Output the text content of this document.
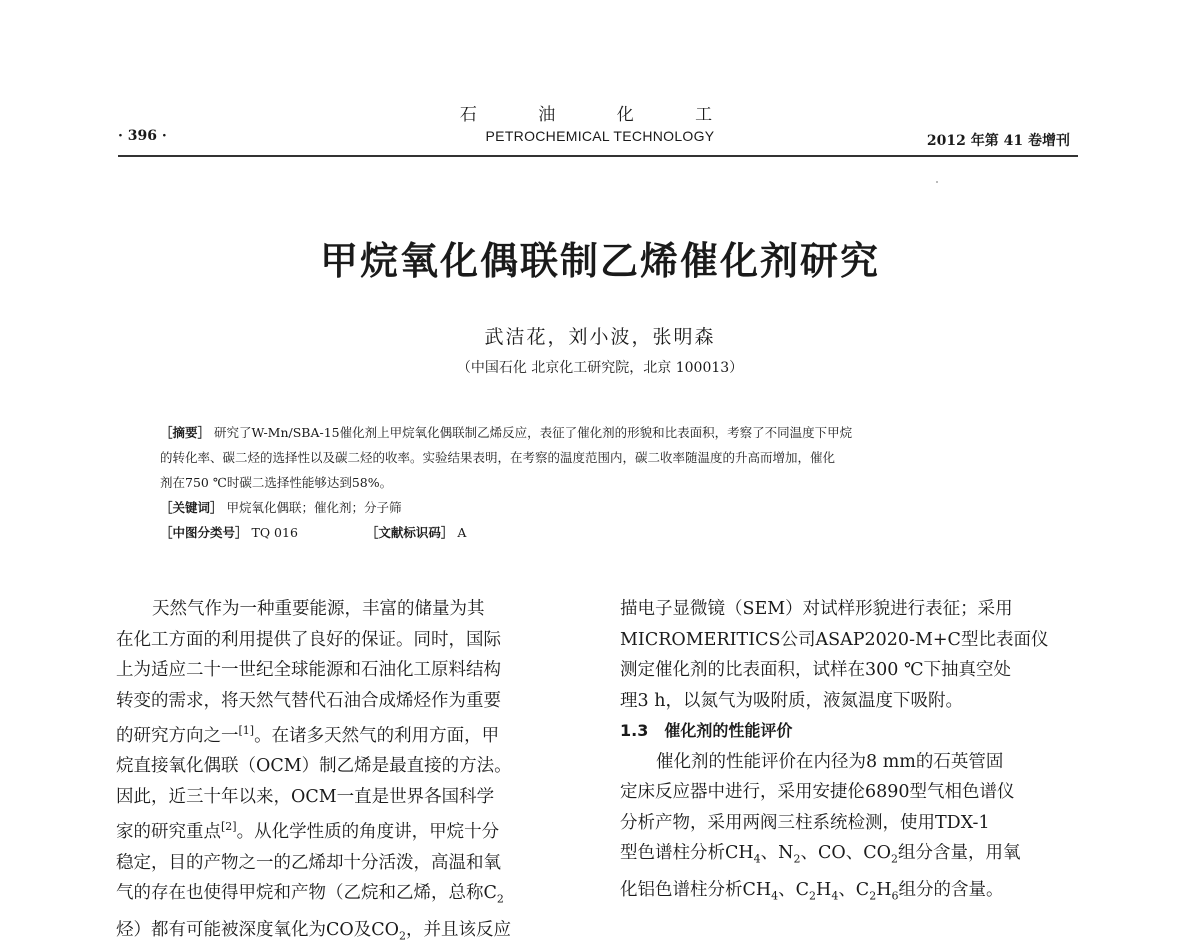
石 油 化 工
· 396 ·	PETROCHEMICAL TECHNOLOGY	2012 年第 41 卷增刊
甲烷氧化偶联制乙烯催化剂研究
武洁花，刘小波，张明森
（中国石化 北京化工研究院，北京 100013）
［摘要］ 研究了W-Mn/SBA-15催化剂上甲烷氧化偶联制乙烯反应，表征了催化剂的形貌和比表面积，考察了不同温度下甲烷
的转化率、碳二烃的选择性以及碳二烃的收率。实验结果表明，在考察的温度范围内，碳二收率随温度的升高而增加，催化
剂在750 ℃时碳二选择性能够达到58%。
［关键词］ 甲烷氧化偶联；催化剂；分子筛
［中图分类号］ TQ 016	［文献标识码］ A
天然气作为一种重要能源，丰富的储量为其
在化工方面的利用提供了良好的保证。同时，国际
上为适应二十一世纪全球能源和石油化工原料结构
转变的需求，将天然气替代石油合成烯烃作为重要
的研究方向之一[1]。在诸多天然气的利用方面，甲
烷直接氧化偶联（OCM）制乙烯是最直接的方法。
因此，近三十年以来，OCM一直是世界各国科学
家的研究重点[2]。从化学性质的角度讲，甲烷十分
稳定，目的产物之一的乙烯却十分活泼，高温和氧
气的存在也使得甲烷和产物（乙烷和乙烯，总称$C_2$
烃）都有可能被深度氧化为CO及$CO_2$，并且该反应
描电子显微镜（SEM）对试样形貌进行表征；采用
MICROMERITICS公司ASAP2020-M+C型比表面仪
测定催化剂的比表面积，试样在300 ℃下抽真空处
理3 h，以氮气为吸附质，液氮温度下吸附。
1.3　催化剂的性能评价
催化剂的性能评价在内径为8 mm的石英管固
定床反应器中进行，采用安捷伦6890型气相色谱仪
分析产物，采用两阀三柱系统检测，使用TDX-1
型色谱柱分析$CH_4$、$N_2$、CO、$CO_2$组分含量，用氧
化铝色谱柱分析$CH_4$、$C_2H_4$、$C_2H_6$组分的含量。
